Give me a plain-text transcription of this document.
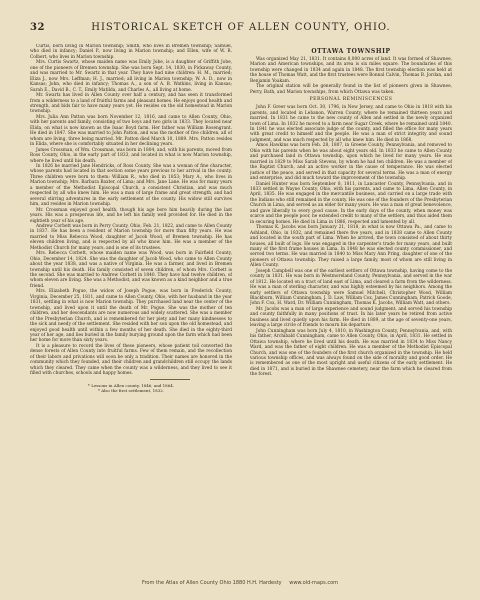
32	HISTORICAL SKETCH OF ALLEN COUNTY, OHIO.

Curtis, born living in Marion township; Smith, who lives in Bremen township; Samuel, who died in infancy; Daniel P., now living in Marion township; and Ellen, wife of W. R. Colbert, who lives in Marion township.

Mrs. Curtis Swartz, whose maiden name was Emily Jobe, is a daughter of Griffith Jobe, one of the pioneers of Bremen township. She was born Sept. 14, 1830, in Pickaway County, and was married to Mr. Swartz in that year. They have had nine children: H. M., married; Eliza J., now Mrs. Leffman; H. J., married; all living in Marion township; W. A. D., now in Kansas; John, who died in infancy; Thomas A., a son of A. B. Watkins, living in Kansas; Sarah E., David B., C. T., Emily Matilda, and Charles A., all living at home.

Mr. Swartz has lived in Allen County over half a century, and has seen it transformed from a wilderness to a land of fruitful farms and pleasant homes. He enjoys good health and strength, and bids fair to have many years yet. He resides on the old homestead in Marion township.

Mrs. Julia Ann Patton was born November 12, 1816, and came to Allen County, Ohio, with her parents and family, consisting of two boys and two girls in 1833. They located near Elida, on what is now known as the Isaac Boyd farm. Her father was William Rosengrant. He died in 1847. She was married to John Patton, and was the mother of five children, all of whom are living, three being married. Mr. Patton died March 10, 1889. Mrs. Patton resides in Elida, where she is comfortably situated in her declining years.

James Crossman, of Wm. Crossman, was born in 1804, and, with his parents, moved from Ross County, Ohio, in the early part of 1833, and located in what is now Marion township, where he lived until his death.

In 1826 he married Jane Hendricks, of Ross County. She was a woman of fine character, whose parents had located in that section some years previous to her arrival in the county. Three children were born to them: William R., who died in 1853; Mary A., who lives in Marion township; Mrs. Barbara Baxter, of Lima; and Mrs. Jane Lane. He was for many years a member of the Methodist Episcopal Church, a consistent Christian, and was much respected by all who knew him. He was a man of large frame and great strength, and had several stirring adventures in the early settlement of the county. His widow still survives him, and resides in Marion township.

Mr. Crossman enjoyed good health, though his age bore him heavily during the last years. His was a prosperous life, and he left his family well provided for. He died in the eightieth year of his age.

Andrew Corbett was born in Perry County, Ohio, Feb. 21, 1822, and came to Allen County in 1837. He has been a resident of Marion township for more than fifty years. He was married to Miss Rebecca Wood, daughter of Jacob Wood, of Bremen township. He has eleven children living, and is respected by all who know him. He was a member of the Methodist Church for many years, and is one of its trustees.

Mrs. Rebecca Corbett, whose maiden name was Wood, was born in Fairfield County, Ohio, December 14, 1824. She was the daughter of Jacob Wood, who came to Allen County about the year 1838, and was a native of Virginia. He was a farmer, and lived in Bremen township until his death. His family consisted of seven children, of whom Mrs. Corbett is the second. She was married to Andrew Corbett in 1840. They have had twelve children, of whom eleven are living. She was a Methodist, and was known as a kind neighbor and a true friend.

Mrs. Elizabeth Pogue, the widow of Joseph Pogue, was born in Frederick County, Virginia, December 25, 1811, and came to Allen County, Ohio, with her husband in the year 1831, settling in what is now Marion township. They purchased land near the center of the township, and lived upon it until the death of Mr. Pogue. She was the mother of ten children, and her descendants are now numerous and widely scattered. She was a member of the Presbyterian Church, and is remembered for her piety and her many kindnesses to the sick and needy of the settlement. She resided with her son upon the old homestead, and enjoyed good health until within a few months of her death. She died in the eighty-third year of her age, and lies buried in the family burying ground upon the farm which had been her home for more than sixty years.

It is a pleasure to record the lives of these pioneers, whose patient toil converted the dense forests of Allen County into fruitful farms. Few of them remain, and the recollection of their labors and privations will soon be only a tradition. Their names are honored in the community which they founded, and their children and grandchildren still occupy the lands which they cleared. They came when the county was a wilderness, and they lived to see it filled with churches, schools and happy homes.

* Lessons in Allen county, 1846, and 1864.

* Also the first settlement, 1832.

OTTAWA TOWNSHIP

Was organized May 21, 1831. It contains 8,000 acres of land. It was formed of Shawnee, Marion and American townships, and its area is six miles square. The boundaries of this township were changed in 1834 and again in 1848. The first township election was held at the house of Thomas Watt, and the first trustees were Bonnal Calvin, Thomas B. Jordan, and Benjamin Yoakam.

The original station will be generally found in the list of pioneers given in Shawnee, Perry, Bath, and Marion townships, from which Ottawa was taken.

PERSONAL REMINISCENCES

John F. Greer was born Oct. 30, 1796, in New Jersey, and came to Ohio in 1818 with his parents, and located in Lebanon, Warren County, where he remained thirteen years and married. In 1831 he came to the new county of Allen and settled in the newly organized town of Lima. In 1832 he moved to a farm near Sugar Creek, where he remained until 1840. In 1841 he was elected associate judge of the county, and filled the office for many years with great credit to himself and the people. He was a man of strict integrity and sound judgment, and was much respected by all who knew him. He died in 1868.

Amos Hawkins was born Feb. 28, 1807, in Greene County, Pennsylvania, and removed to Ohio with his parents when he was about eight years old. In 1833 he came to Allen County and purchased land in Ottawa township, upon which he lived for many years. He was married in 1829 to Miss Sarah Stevens, by whom he had ten children. He was a member of the Baptist Church, and an active worker in the cause of temperance. He was elected justice of the peace, and served in that capacity for several terms. He was a man of energy and enterprise, and did much toward the improvement of the township.

Daniel Hunter was born September 8, 1811, in Lancaster County, Pennsylvania, and in 1833 settled in Wayne County, Ohio, with his parents, and came to Lima, Allen County, in April, 1835. He was engaged in the mercantile business, and carried on a large trade with the Indians who still remained in the county. He was one of the founders of the Presbyterian Church in Lima, and served as an elder for many years. He was a man of great benevolence, and gave liberally to every good cause. In the early days of the county, when money was scarce and the people poor, he extended credit to many of the settlers, and thus aided them in securing homes. He died in Lima in 1886, respected and lamented by all.

Thomas K. Jacobs was born January 21, 1818, in what is now Ottawa Pa., and came to Ashland, Ohio, in 1832, and remained there five years, and in 1838 came to Allen County and located in the south part of Lima. When he arrived, the town consisted of about thirty houses, all built of logs. He was engaged in the carpenter's trade for many years, and built many of the first frame houses in Lima. In 1848 he was elected county commissioner, and served two terms. He was married in 1840 to Miss Mary Ann Pring, daughter of one of the pioneers of Ottawa township. They raised a large family, most of whom are still living in Allen County.

Joseph Campbell was one of the earliest settlers of Ottawa township, having come to the county in 1831. He was born in Westmoreland County, Pennsylvania, and served in the war of 1812. He located on a tract of land east of Lima, and cleared a farm from the wilderness. He was a man of sterling character, and was highly esteemed by his neighbors. Among the early settlers of Ottawa township were Samuel Mitchell, Christopher Wood, William Blackburn, William Cunningham, J. D. Law, William Cox, James Cunningham, Patrick Goode, John F. Cox, H. Ward, Dr. William Cunningham, Thomas K. Jacobs, William Watt, and others.

Mr. Jacobs was a man of large experience and sound judgment, and served his township and county faithfully in many positions of trust. In his later years he retired from active business and lived quietly upon his farm. He died in 1889, at the age of seventy-one years, leaving a large circle of friends to mourn his departure.

John Cunningham was born July 4, 1810, in Washington County, Pennsylvania, and, with his father, Archibald Cunningham, came to Allen County, Ohio, in April, 1831. He settled in Ottawa township, where he lived until his death. He was married in 1834 to Miss Nancy Ward, and was the father of eight children. He was a member of the Methodist Episcopal Church, and was one of the founders of the first church organized in the township. He held various township offices, and was always found on the side of morality and good order. He is remembered as one of the most upright and useful citizens of the early settlement. He died in 1871, and is buried in the Shawnee cemetery, near the farm which he cleared from the forest.

From the Atlas of Allen County Ohio 1880 H.H. Hardesty www.old-maps.com
